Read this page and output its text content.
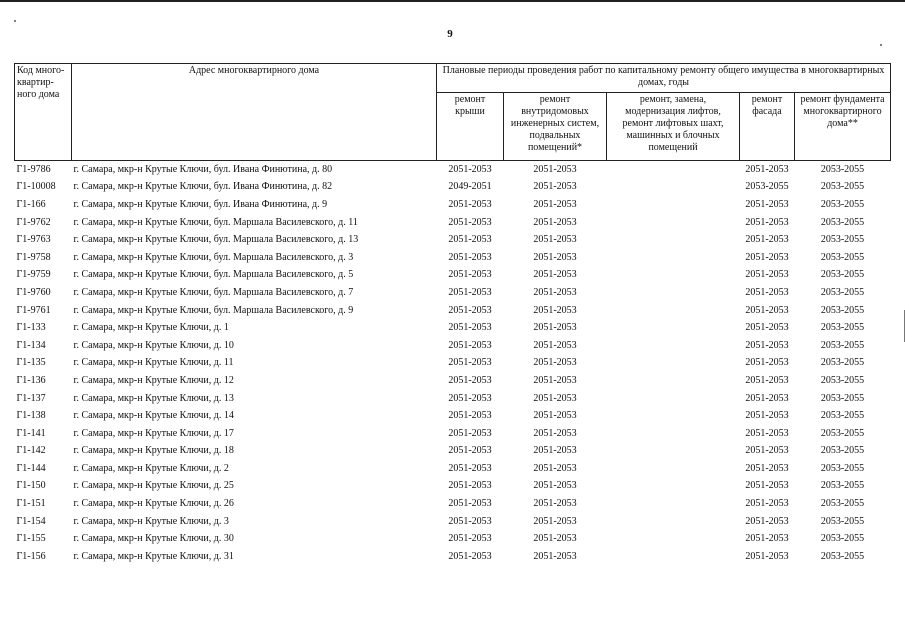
9
Код много-квартир-ного дома	Адрес многоквартирного дома	Плановые периоды проведения работ по капитальному ремонту общего имущества в многоквартирных домах, годы				
		ремонт крыши	ремонт внутридомовых инженерных систем, подвальных помещений*	ремонт, замена, модернизация лифтов, ремонт лифтовых шахт, машинных и блочных помещений	ремонт фасада	ремонт фундамента многоквартирного дома**
Г1-9786	г. Самара, мкр-н Крутые Ключи, бул. Ивана Финютина, д. 80	2051-2053	2051-2053		2051-2053	2053-2055
Г1-10008	г. Самара, мкр-н Крутые Ключи, бул. Ивана Финютина, д. 82	2049-2051	2051-2053		2053-2055	2053-2055
Г1-166	г. Самара, мкр-н Крутые Ключи, бул. Ивана Финютина, д. 9	2051-2053	2051-2053		2051-2053	2053-2055
Г1-9762	г. Самара, мкр-н Крутые Ключи, бул. Маршала Василевского, д. 11	2051-2053	2051-2053		2051-2053	2053-2055
Г1-9763	г. Самара, мкр-н Крутые Ключи, бул. Маршала Василевского, д. 13	2051-2053	2051-2053		2051-2053	2053-2055
Г1-9758	г. Самара, мкр-н Крутые Ключи, бул. Маршала Василевского, д. 3	2051-2053	2051-2053		2051-2053	2053-2055
Г1-9759	г. Самара, мкр-н Крутые Ключи, бул. Маршала Василевского, д. 5	2051-2053	2051-2053		2051-2053	2053-2055
Г1-9760	г. Самара, мкр-н Крутые Ключи, бул. Маршала Василевского, д. 7	2051-2053	2051-2053		2051-2053	2053-2055
Г1-9761	г. Самара, мкр-н Крутые Ключи, бул. Маршала Василевского, д. 9	2051-2053	2051-2053		2051-2053	2053-2055
Г1-133	г. Самара, мкр-н Крутые Ключи, д. 1	2051-2053	2051-2053		2051-2053	2053-2055
Г1-134	г. Самара, мкр-н Крутые Ключи, д. 10	2051-2053	2051-2053		2051-2053	2053-2055
Г1-135	г. Самара, мкр-н Крутые Ключи, д. 11	2051-2053	2051-2053		2051-2053	2053-2055
Г1-136	г. Самара, мкр-н Крутые Ключи, д. 12	2051-2053	2051-2053		2051-2053	2053-2055
Г1-137	г. Самара, мкр-н Крутые Ключи, д. 13	2051-2053	2051-2053		2051-2053	2053-2055
Г1-138	г. Самара, мкр-н Крутые Ключи, д. 14	2051-2053	2051-2053		2051-2053	2053-2055
Г1-141	г. Самара, мкр-н Крутые Ключи, д. 17	2051-2053	2051-2053		2051-2053	2053-2055
Г1-142	г. Самара, мкр-н Крутые Ключи, д. 18	2051-2053	2051-2053		2051-2053	2053-2055
Г1-144	г. Самара, мкр-н Крутые Ключи, д. 2	2051-2053	2051-2053		2051-2053	2053-2055
Г1-150	г. Самара, мкр-н Крутые Ключи, д. 25	2051-2053	2051-2053		2051-2053	2053-2055
Г1-151	г. Самара, мкр-н Крутые Ключи, д. 26	2051-2053	2051-2053		2051-2053	2053-2055
Г1-154	г. Самара, мкр-н Крутые Ключи, д. 3	2051-2053	2051-2053		2051-2053	2053-2055
Г1-155	г. Самара, мкр-н Крутые Ключи, д. 30	2051-2053	2051-2053		2051-2053	2053-2055
Г1-156	г. Самара, мкр-н Крутые Ключи, д. 31	2051-2053	2051-2053		2051-2053	2053-2055
